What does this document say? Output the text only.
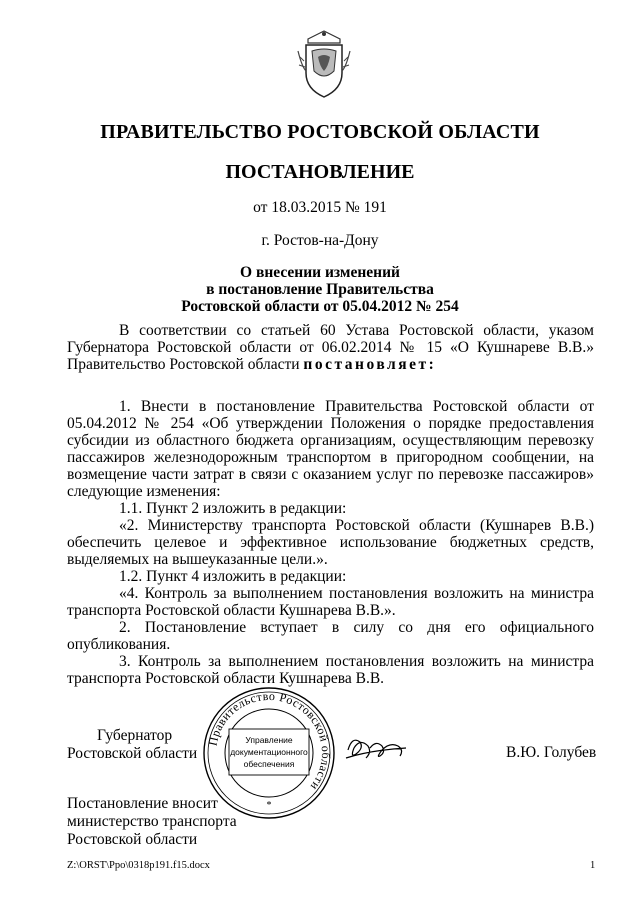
ПРАВИТЕЛЬСТВО РОСТОВСКОЙ ОБЛАСТИ
ПОСТАНОВЛЕНИЕ
от 18.03.2015 № 191
г. Ростов-на-Дону
О внесении изменений
в постановление Правительства
Ростовской области от 05.04.2012 № 254

В соответствии со статьей 60 Устава Ростовской области, указом Губернатора Ростовской области от 06.02.2014 № 15 «О Кушнареве В.В.» Правительство Ростовской области постановляет:

1. Внести в постановление Правительства Ростовской области от 05.04.2012 № 254 «Об утверждении Положения о порядке предоставления субсидии из областного бюджета организациям, осуществляющим перевозку пассажиров железнодорожным транспортом в пригородном сообщении, на возмещение части затрат в связи с оказанием услуг по перевозке пассажиров» следующие изменения:

1.1. Пункт 2 изложить в редакции:

«2. Министерству транспорта Ростовской области (Кушнарев В.В.) обеспечить целевое и эффективное использование бюджетных средств, выделяемых на вышеуказанные цели.».

1.2. Пункт 4 изложить в редакции:

«4. Контроль за выполнением постановления возложить на министра транспорта Ростовской области Кушнарева В.В.».

2. Постановление вступает в силу со дня его официального опубликования.

3. Контроль за выполнением постановления возложить на министра транспорта Ростовской области Кушнарева В.В.

Правительство Ростовской области
Управление
документационного
обеспечения
*
Губернатор
Ростовской области	В.Ю. Голубев
Постановление вносит
министерство транспорта
Ростовской области
Z:\ORST\Ppo\0318p191.f15.docx	1
